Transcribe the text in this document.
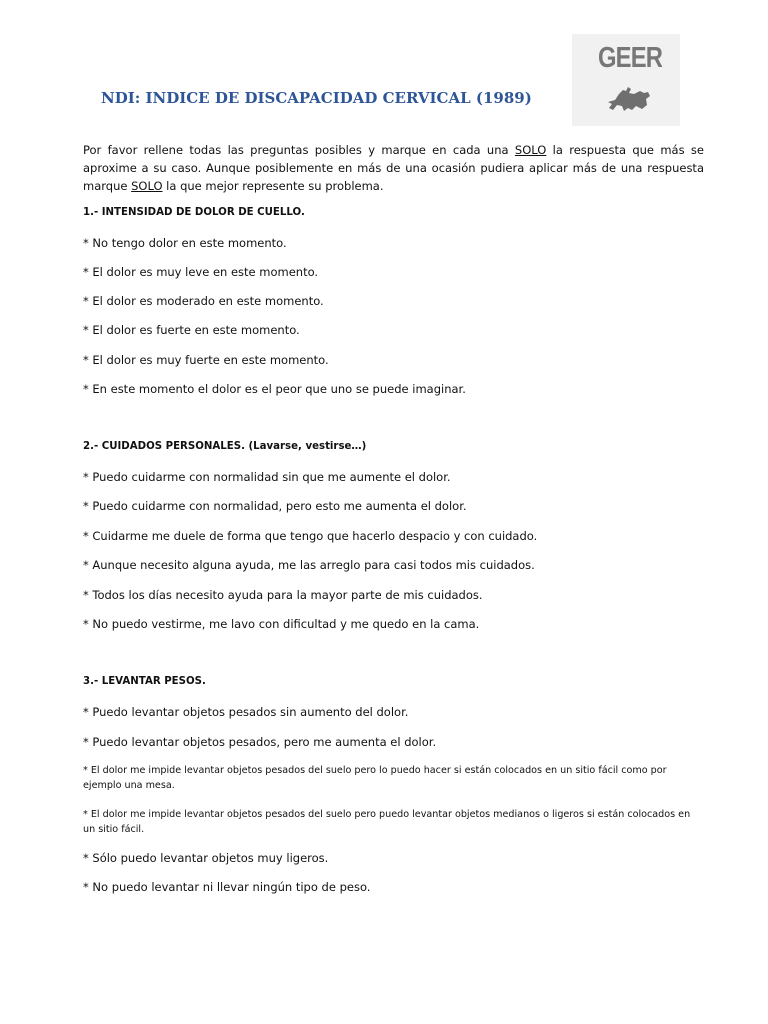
GEER
NDI: INDICE DE DISCAPACIDAD CERVICAL (1989)

Por favor rellene todas las preguntas posibles y marque en cada una SOLO la respuesta que más se aproxime a su caso. Aunque posiblemente en más de una ocasión pudiera aplicar más de una respuesta marque SOLO la que mejor represente su problema.

1.- INTENSIDAD DE DOLOR DE CUELLO.

* No tengo dolor en este momento.

* El dolor es muy leve en este momento.

* El dolor es moderado en este momento.

* El dolor es fuerte en este momento.

* El dolor es muy fuerte en este momento.

* En este momento el dolor es el peor que uno se puede imaginar.

2.- CUIDADOS PERSONALES. (Lavarse, vestirse…)

* Puedo cuidarme con normalidad sin que me aumente el dolor.

* Puedo cuidarme con normalidad, pero esto me aumenta el dolor.

* Cuidarme me duele de forma que tengo que hacerlo despacio y con cuidado.

* Aunque necesito alguna ayuda, me las arreglo para casi todos mis cuidados.

* Todos los días necesito ayuda para la mayor parte de mis cuidados.

* No puedo vestirme, me lavo con dificultad y me quedo en la cama.

3.- LEVANTAR PESOS.

* Puedo levantar objetos pesados sin aumento del dolor.

* Puedo levantar objetos pesados, pero me aumenta el dolor.

* El dolor me impide levantar objetos pesados del suelo pero lo puedo hacer si están colocados en un sitio fácil como por ejemplo una mesa.

* El dolor me impide levantar objetos pesados del suelo pero puedo levantar objetos medianos o ligeros si están colocados en un sitio fácil.

* Sólo puedo levantar objetos muy ligeros.

* No puedo levantar ni llevar ningún tipo de peso.
